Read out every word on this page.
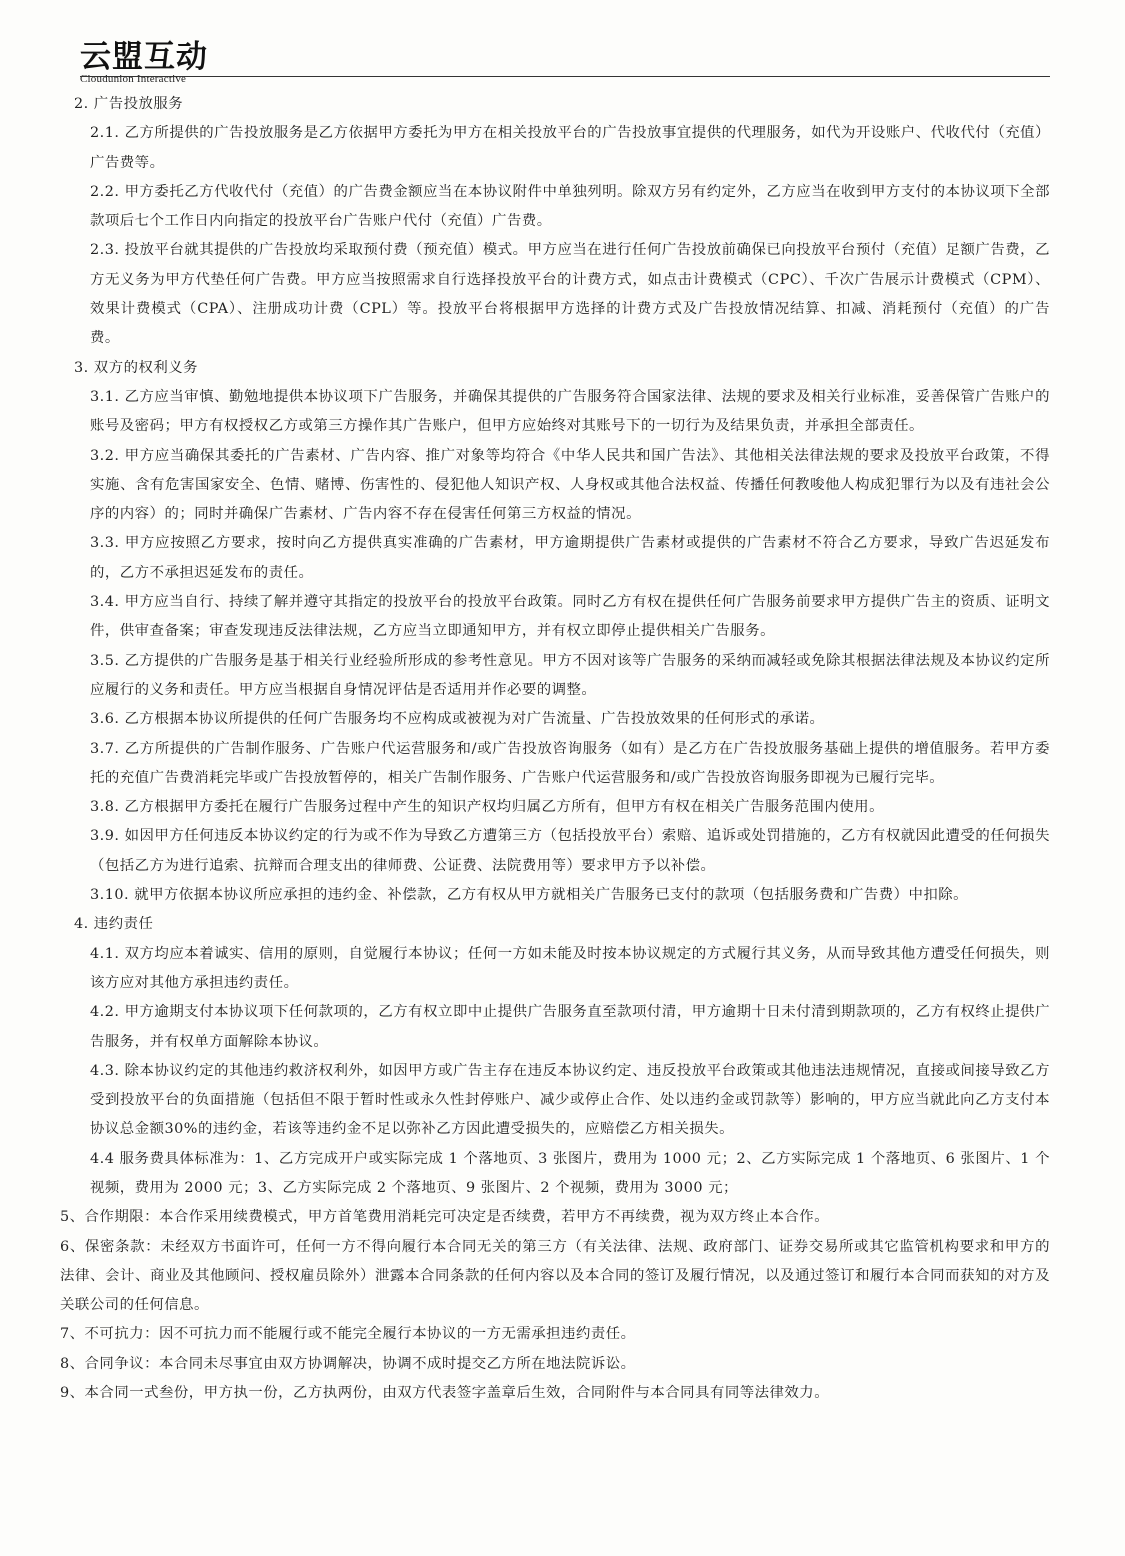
云盟互动
Cloudunion Interactive

2. 广告投放服务

2.1. 乙方所提供的广告投放服务是乙方依据甲方委托为甲方在相关投放平台的广告投放事宜提供的代理服务，如代为开设账户、代收代付（充值）广告费等。

2.2. 甲方委托乙方代收代付（充值）的广告费金额应当在本协议附件中单独列明。除双方另有约定外，乙方应当在收到甲方支付的本协议项下全部款项后七个工作日内向指定的投放平台广告账户代付（充值）广告费。

2.3. 投放平台就其提供的广告投放均采取预付费（预充值）模式。甲方应当在进行任何广告投放前确保已向投放平台预付（充值）足额广告费，乙方无义务为甲方代垫任何广告费。甲方应当按照需求自行选择投放平台的计费方式，如点击计费模式（CPC）、千次广告展示计费模式（CPM）、效果计费模式（CPA）、注册成功计费（CPL）等。投放平台将根据甲方选择的计费方式及广告投放情况结算、扣减、消耗预付（充值）的广告费。

3. 双方的权利义务

3.1. 乙方应当审慎、勤勉地提供本协议项下广告服务，并确保其提供的广告服务符合国家法律、法规的要求及相关行业标准，妥善保管广告账户的账号及密码；甲方有权授权乙方或第三方操作其广告账户，但甲方应始终对其账号下的一切行为及结果负责，并承担全部责任。

3.2. 甲方应当确保其委托的广告素材、广告内容、推广对象等均符合《中华人民共和国广告法》、其他相关法律法规的要求及投放平台政策，不得实施、含有危害国家安全、色情、赌博、伤害性的、侵犯他人知识产权、人身权或其他合法权益、传播任何教唆他人构成犯罪行为以及有违社会公序的内容）的；同时并确保广告素材、广告内容不存在侵害任何第三方权益的情况。

3.3. 甲方应按照乙方要求，按时向乙方提供真实准确的广告素材，甲方逾期提供广告素材或提供的广告素材不符合乙方要求，导致广告迟延发布的，乙方不承担迟延发布的责任。

3.4. 甲方应当自行、持续了解并遵守其指定的投放平台的投放平台政策。同时乙方有权在提供任何广告服务前要求甲方提供广告主的资质、证明文件，供审查备案；审查发现违反法律法规，乙方应当立即通知甲方，并有权立即停止提供相关广告服务。

3.5. 乙方提供的广告服务是基于相关行业经验所形成的参考性意见。甲方不因对该等广告服务的采纳而减轻或免除其根据法律法规及本协议约定所应履行的义务和责任。甲方应当根据自身情况评估是否适用并作必要的调整。

3.6. 乙方根据本协议所提供的任何广告服务均不应构成或被视为对广告流量、广告投放效果的任何形式的承诺。

3.7. 乙方所提供的广告制作服务、广告账户代运营服务和/或广告投放咨询服务（如有）是乙方在广告投放服务基础上提供的增值服务。若甲方委托的充值广告费消耗完毕或广告投放暂停的，相关广告制作服务、广告账户代运营服务和/或广告投放咨询服务即视为已履行完毕。

3.8. 乙方根据甲方委托在履行广告服务过程中产生的知识产权均归属乙方所有，但甲方有权在相关广告服务范围内使用。

3.9. 如因甲方任何违反本协议约定的行为或不作为导致乙方遭第三方（包括投放平台）索赔、追诉或处罚措施的，乙方有权就因此遭受的任何损失（包括乙方为进行追索、抗辩而合理支出的律师费、公证费、法院费用等）要求甲方予以补偿。

3.10. 就甲方依据本协议所应承担的违约金、补偿款，乙方有权从甲方就相关广告服务已支付的款项（包括服务费和广告费）中扣除。

4. 违约责任

4.1. 双方均应本着诚实、信用的原则，自觉履行本协议；任何一方如未能及时按本协议规定的方式履行其义务，从而导致其他方遭受任何损失，则该方应对其他方承担违约责任。

4.2. 甲方逾期支付本协议项下任何款项的，乙方有权立即中止提供广告服务直至款项付清，甲方逾期十日未付清到期款项的，乙方有权终止提供广告服务，并有权单方面解除本协议。

4.3. 除本协议约定的其他违约救济权利外，如因甲方或广告主存在违反本协议约定、违反投放平台政策或其他违法违规情况，直接或间接导致乙方受到投放平台的负面措施（包括但不限于暂时性或永久性封停账户、减少或停止合作、处以违约金或罚款等）影响的，甲方应当就此向乙方支付本协议总金额30%的违约金，若该等违约金不足以弥补乙方因此遭受损失的，应赔偿乙方相关损失。

4.4 服务费具体标准为：1、乙方完成开户或实际完成 1 个落地页、3 张图片，费用为 1000 元；2、乙方实际完成 1 个落地页、6 张图片、1 个视频，费用为 2000 元；3、乙方实际完成 2 个落地页、9 张图片、2 个视频，费用为 3000 元；

5、合作期限：本合作采用续费模式，甲方首笔费用消耗完可决定是否续费，若甲方不再续费，视为双方终止本合作。

6、保密条款：未经双方书面许可，任何一方不得向履行本合同无关的第三方（有关法律、法规、政府部门、证券交易所或其它监管机构要求和甲方的法律、会计、商业及其他顾问、授权雇员除外）泄露本合同条款的任何内容以及本合同的签订及履行情况，以及通过签订和履行本合同而获知的对方及关联公司的任何信息。

7、不可抗力：因不可抗力而不能履行或不能完全履行本协议的一方无需承担违约责任。

8、合同争议：本合同未尽事宜由双方协调解决，协调不成时提交乙方所在地法院诉讼。

9、本合同一式叁份，甲方执一份，乙方执两份，由双方代表签字盖章后生效，合同附件与本合同具有同等法律效力。
